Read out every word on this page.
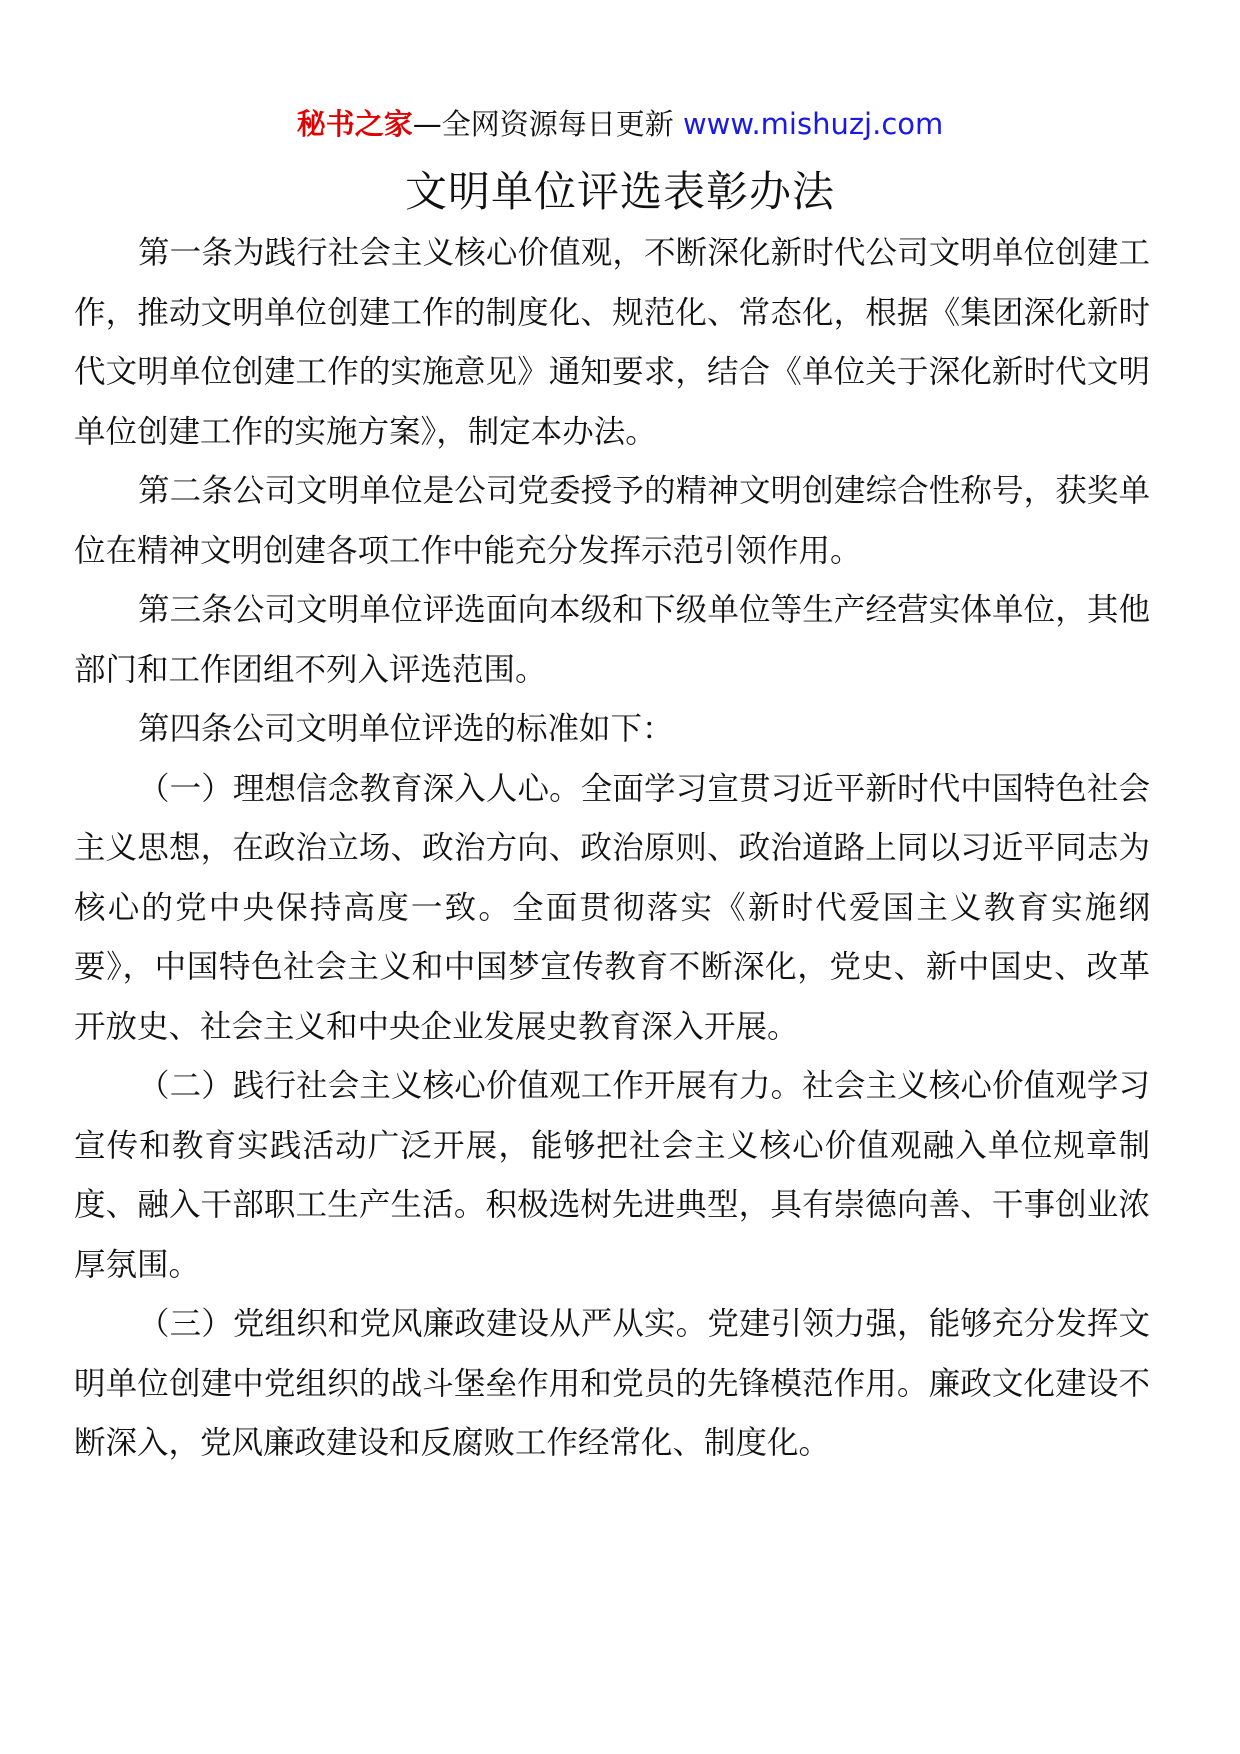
秘书之家—全网资源每日更新 www.mishuzj.com
文明单位评选表彰办法

第一条为践行社会主义核心价值观，不断深化新时代公司文明单位创建工作，推动文明单位创建工作的制度化、规范化、常态化，根据《集团深化新时代文明单位创建工作的实施意见》通知要求，结合《单位关于深化新时代文明单位创建工作的实施方案》，制定本办法。

第二条公司文明单位是公司党委授予的精神文明创建综合性称号，获奖单位在精神文明创建各项工作中能充分发挥示范引领作用。

第三条公司文明单位评选面向本级和下级单位等生产经营实体单位，其他部门和工作团组不列入评选范围。

第四条公司文明单位评选的标准如下：

（一）理想信念教育深入人心。全面学习宣贯习近平新时代中国特色社会主义思想，在政治立场、政治方向、政治原则、政治道路上同以习近平同志为核心的党中央保持高度一致。全面贯彻落实《新时代爱国主义教育实施纲要》，中国特色社会主义和中国梦宣传教育不断深化，党史、新中国史、改革开放史、社会主义和中央企业发展史教育深入开展。

（二）践行社会主义核心价值观工作开展有力。社会主义核心价值观学习宣传和教育实践活动广泛开展，能够把社会主义核心价值观融入单位规章制度、融入干部职工生产生活。积极选树先进典型，具有崇德向善、干事创业浓厚氛围。

（三）党组织和党风廉政建设从严从实。党建引领力强，能够充分发挥文明单位创建中党组织的战斗堡垒作用和党员的先锋模范作用。廉政文化建设不断深入，党风廉政建设和反腐败工作经常化、制度化。
